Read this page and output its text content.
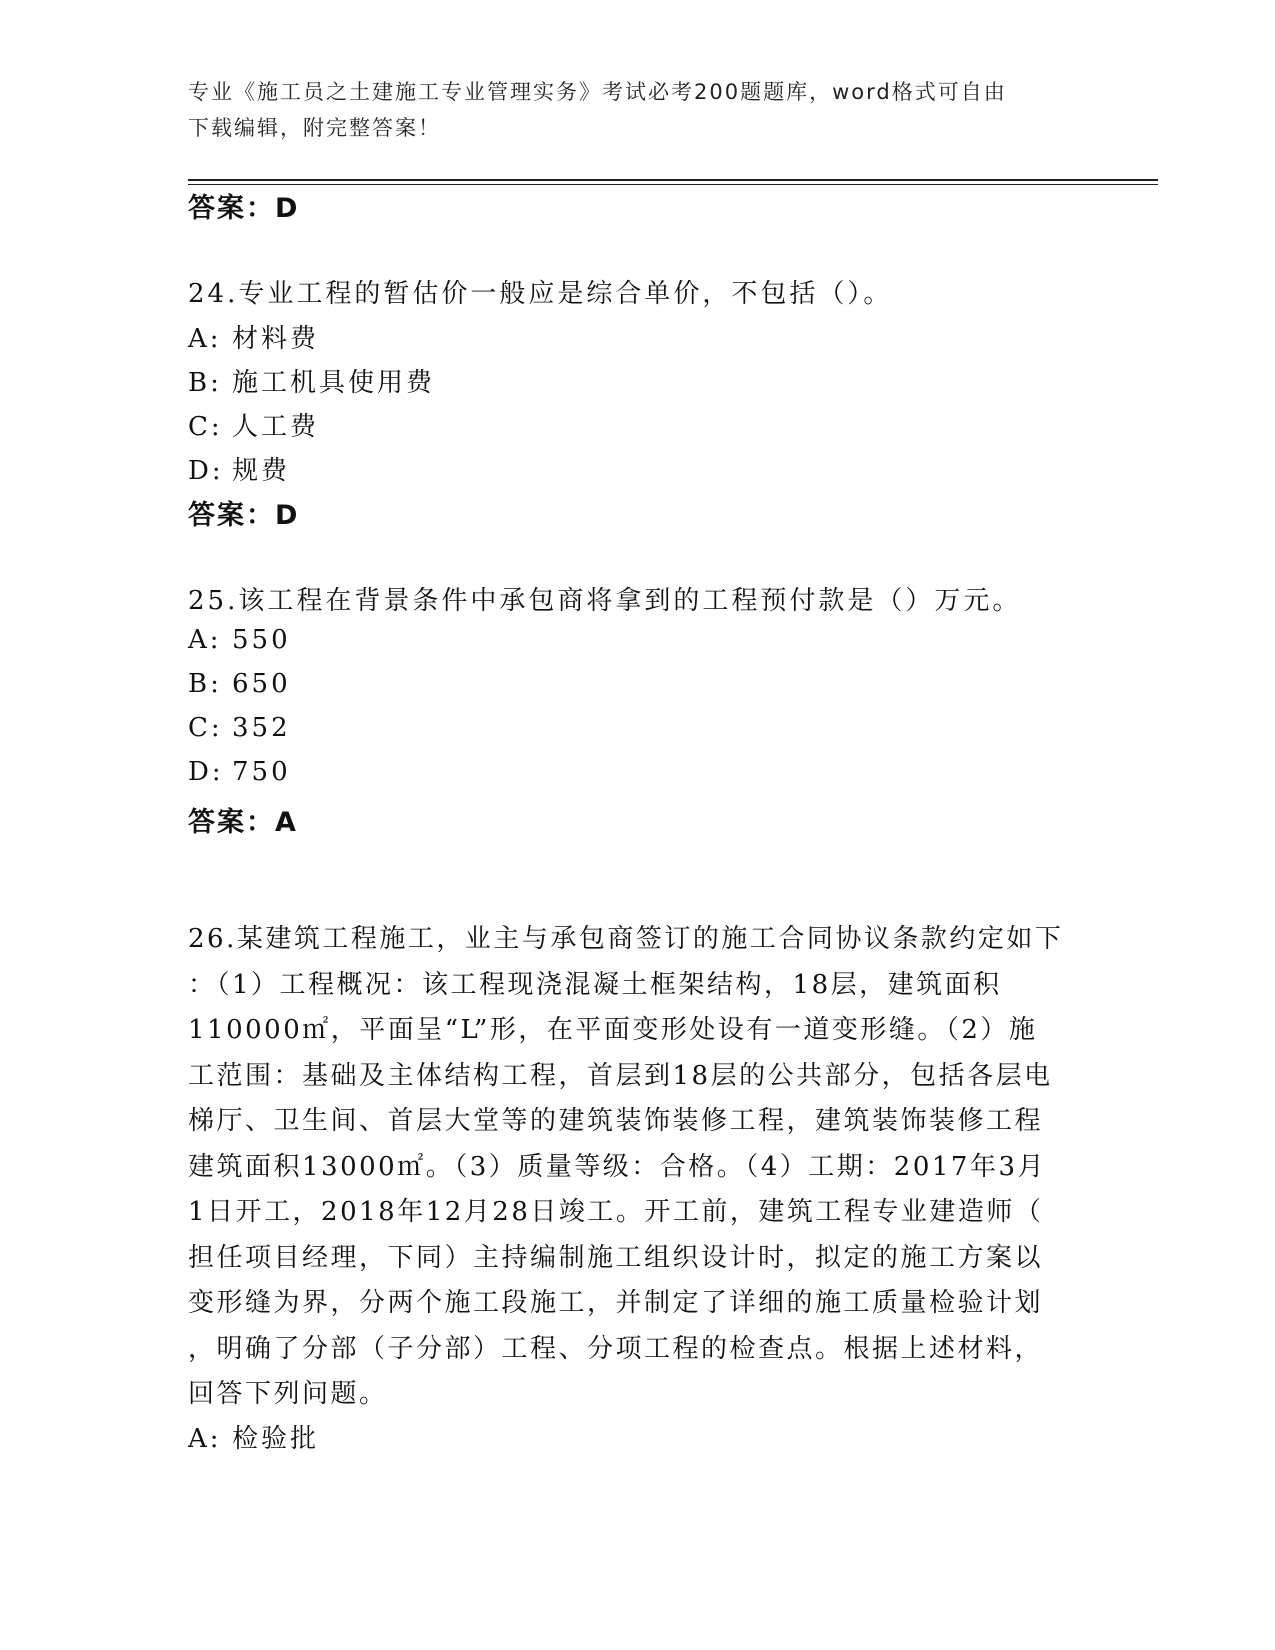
专业《施工员之土建施工专业管理实务》考试必考200题题库，word格式可自由
下载编辑，附完整答案！
答案：D
24.专业工程的暂估价一般应是综合单价，不包括（）。
A: 材料费
B: 施工机具使用费
C: 人工费
D: 规费
答案：D
25.该工程在背景条件中承包商将拿到的工程预付款是（）万元。
A: 550
B: 650
C: 352
D: 750
答案：A
26.某建筑工程施工，业主与承包商签订的施工合同协议条款约定如下
：（1）工程概况：该工程现浇混凝土框架结构，18层，建筑面积
110000㎡，平面呈“L”形，在平面变形处设有一道变形缝。（2）施
工范围：基础及主体结构工程，首层到18层的公共部分，包括各层电
梯厅、卫生间、首层大堂等的建筑装饰装修工程，建筑装饰装修工程
建筑面积13000㎡。（3）质量等级：合格。（4）工期：2017年3月
1日开工，2018年12月28日竣工。开工前，建筑工程专业建造师（
担任项目经理，下同）主持编制施工组织设计时，拟定的施工方案以
变形缝为界，分两个施工段施工，并制定了详细的施工质量检验计划
，明确了分部（子分部）工程、分项工程的检查点。根据上述材料，
回答下列问题。
A: 检验批
